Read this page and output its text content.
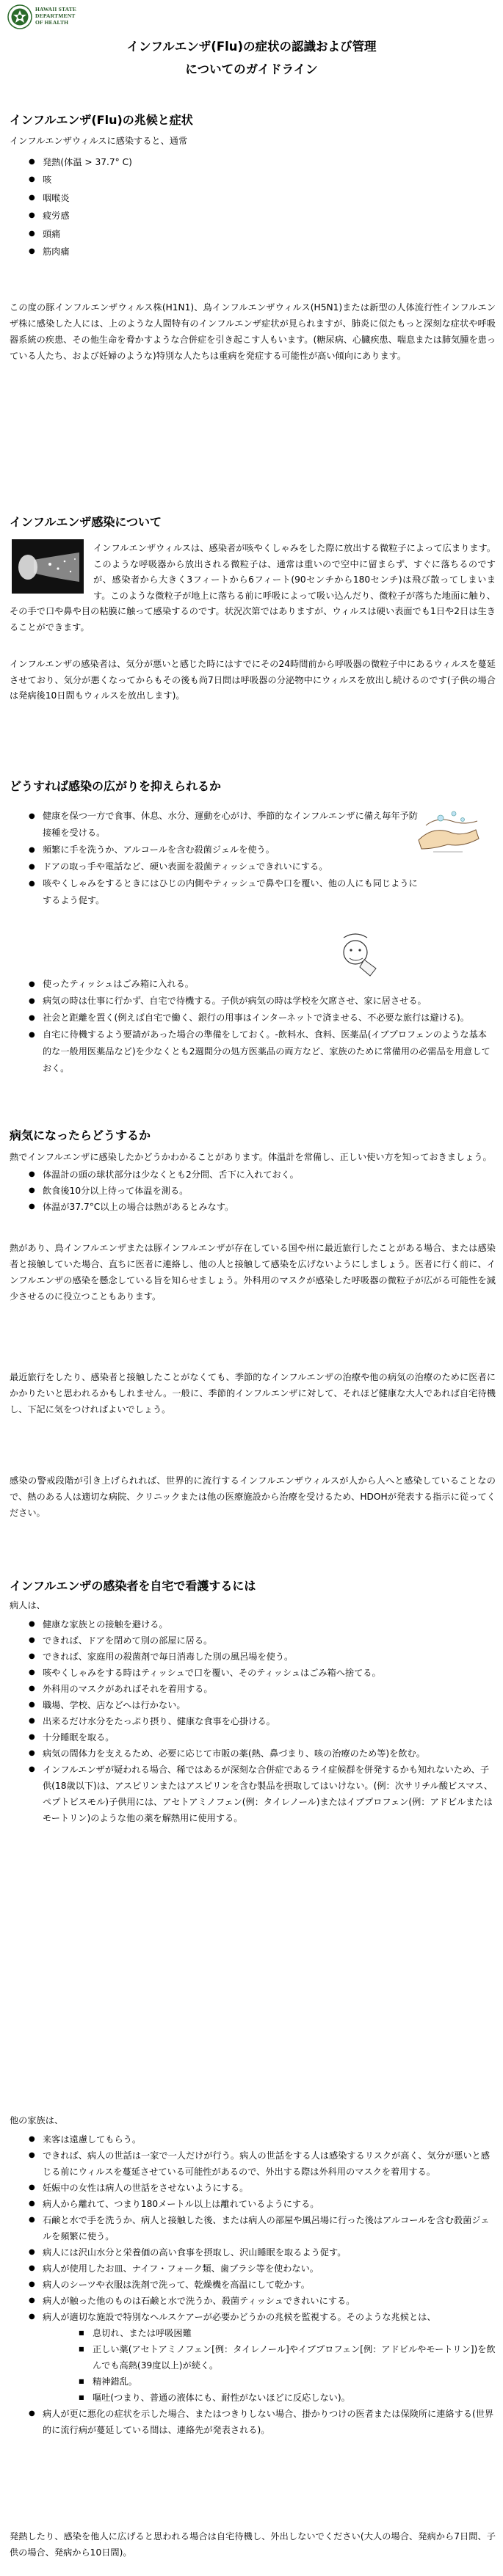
HAWAII STATE
DEPARTMENT
OF HEALTH
インフルエンザ(Flu)の症状の認識および管理
についてのガイドライン
インフルエンザ(Flu)の兆候と症状

インフルエンザウィルスに感染すると、通常

● 発熱(体温 > 37.7° C)
● 咳
● 咽喉炎
● 疲労感
● 頭痛
● 筋肉痛

この度の豚インフルエンザウィルス株(H1N1)、鳥インフルエンザウィルス(H5N1)または新型の人体流行性インフルエンザ株に感染した人には、上のような人間特有のインフルエンザ症状が見られますが、肺炎に似たもっと深刻な症状や呼吸器系統の疾患、その他生命を脅かすような合併症を引き起こす人もいます。(糖尿病、心臓疾患、喘息または肺気腫を患っている人たち、および妊婦のような)特別な人たちは重病を発症する可能性が高い傾向にあります。

インフルエンザ感染について

インフルエンザウィルスは、感染者が咳やくしゃみをした際に放出する微粒子によって広まります。このような呼吸器から放出される微粒子は、通常は重いので空中に留まらず、すぐに落ちるのですが、感染者から大きく3フィートから6フィート(90センチから180センチ)は飛び散ってしまいます。このような微粒子が地上に落ちる前に呼吸によって吸い込んだり、微粒子が落ちた地面に触り、その手で口や鼻や目の粘膜に触って感染するのです。状況次第ではありますが、ウィルスは硬い表面でも1日や2日は生きることができます。

インフルエンザの感染者は、気分が悪いと感じた時にはすでにその24時間前から呼吸器の微粒子中にあるウィルスを蔓延させており、気分が悪くなってからもその後も尚7日間は呼吸器の分泌物中にウィルスを放出し続けるのです(子供の場合は発病後10日間もウィルスを放出します)。

どうすれば感染の広がりを抑えられるか
● 健康を保つ一方で食事、休息、水分、運動を心がけ、季節的なインフルエンザに備え毎年予防接種を受ける。
● 頻繁に手を洗うか、アルコールを含む殺菌ジェルを使う。
● ドアの取っ手や電話など、硬い表面を殺菌ティッシュできれいにする。
● 咳やくしゃみをするときにはひじの内側やティッシュで鼻や口を覆い、他の人にも同じようにするよう促す。
● 使ったティッシュはごみ箱に入れる。
● 病気の時は仕事に行かず、自宅で待機する。子供が病気の時は学校を欠席させ、家に居させる。
● 社会と距離を置く(例えば自宅で働く、銀行の用事はインターネットで済ませる、不必要な旅行は避ける)。
● 自宅に待機するよう要請があった場合の準備をしておく。-飲料水、食料、医薬品(イブプロフェンのような基本的な一般用医薬品など)を少なくとも2週間分の処方医薬品の両方など、家族のために常備用の必需品を用意しておく。
病気になったらどうするか

熱でインフルエンザに感染したかどうかわかることがあります。体温計を常備し、正しい使い方を知っておきましょう。

● 体温計の頭の球状部分は少なくとも2分間、舌下に入れておく。
● 飲食後10分以上待って体温を測る。
● 体温が37.7°C以上の場合は熱があるとみなす。

熱があり、鳥インフルエンザまたは豚インフルエンザが存在している国や州に最近旅行したことがある場合、または感染者と接触していた場合、直ちに医者に連絡し、他の人と接触して感染を広げないようにしましょう。医者に行く前に、インフルエンザの感染を懸念している旨を知らせましょう。外科用のマスクが感染した呼吸器の微粒子が広がる可能性を減少させるのに役立つこともあります。

最近旅行をしたり、感染者と接触したことがなくても、季節的なインフルエンザの治療や他の病気の治療のために医者にかかりたいと思われるかもしれません。一般に、季節的インフルエンザに対して、それほど健康な大人であれば自宅待機し、下記に気をつければよいでしょう。

感染の警戒段階が引き上げられれば、世界的に流行するインフルエンザウィルスが人から人へと感染していることなので、熱のある人は適切な病院、クリニックまたは他の医療施設から治療を受けるため、HDOHが発表する指示に従ってください。

インフルエンザの感染者を自宅で看護するには

病人は、

● 健康な家族との接触を避ける。
● できれば、ドアを閉めて別の部屋に居る。
● できれば、家庭用の殺菌剤で毎日消毒した別の風呂場を使う。
● 咳やくしゃみをする時はティッシュで口を覆い、そのティッシュはごみ箱へ捨てる。
● 外科用のマスクがあればそれを着用する。
● 職場、学校、店などへは行かない。
● 出来るだけ水分をたっぷり摂り、健康な食事を心掛ける。
● 十分睡眠を取る。
● 病気の間体力を支えるため、必要に応じて市販の薬(熱、鼻づまり、咳の治療のため等)を飲む。
● インフルエンザが疑われる場合、稀ではあるが深刻な合併症であるライ症候群を併発するかも知れないため、子供(18歳以下)は、アスピリンまたはアスピリンを含む製品を摂取してはいけない。(例：次サリチル酸ビスマス、ペプトビスモル)子供用には、アセトアミノフェン(例：タイレノール)またはイブプロフェン(例：アドビルまたはモートリン)のような他の薬を解熱用に使用する。

他の家族は、

● 来客は遠慮してもらう。
● できれば、病人の世話は一家で一人だけが行う。病人の世話をする人は感染するリスクが高く、気分が悪いと感じる前にウィルスを蔓延させている可能性があるので、外出する際は外科用のマスクを着用する。
● 妊娠中の女性は病人の世話をさせないようにする。
● 病人から離れて、つまり180メートル以上は離れているようにする。
● 石鹸と水で手を洗うか、病人と接触した後、または病人の部屋や風呂場に行った後はアルコールを含む殺菌ジェルを頻繁に使う。
● 病人には沢山水分と栄養価の高い食事を摂取し、沢山睡眠を取るよう促す。
● 病人が使用したお皿、ナイフ・フォーク類、歯ブラシ等を使わない。
● 病人のシーツや衣服は洗剤で洗って、乾燥機を高温にして乾かす。
● 病人が触った他のものは石鹸と水で洗うか、殺菌ティッシュできれいにする。
● 病人が適切な施設で特別なヘルスケアーが必要かどうかの兆候を監視する。そのような兆候とは、
■ 息切れ、または呼吸困難
■ 正しい薬(アセトアミノフェン[例：タイレノール]やイブプロフェン[例：アドビルやモートリン])を飲んでも高熱(39度以上)が続く。
■ 精神錯乱。
■ 嘔吐(つまり、普通の液体にも、耐性がないほどに反応しない)。
● 病人が更に悪化の症状を示した場合、またはつきりしない場合、掛かりつけの医者または保険所に連絡する(世界的に流行病が蔓延している間は、連絡先が発表される)。

発熱したり、感染を他人に広げると思われる場合は自宅待機し、外出しないでください(大人の場合、発病から7日間、子供の場合、発病から10日間)。
